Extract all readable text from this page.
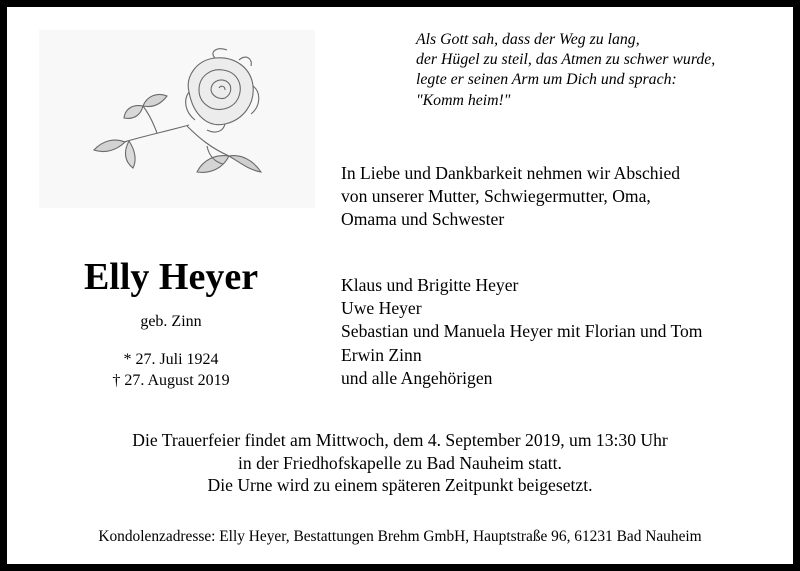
Als Gott sah, dass der Weg zu lang,
der Hügel zu steil, das Atmen zu schwer wurde,
legte er seinen Arm um Dich und sprach:
"Komm heim!"
In Liebe und Dankbarkeit nehmen wir Abschied
von unserer Mutter, Schwiegermutter, Oma,
Omama und Schwester
Elly Heyer
geb. Zinn
* 27. Juli 1924
† 27. August 2019
Klaus und Brigitte Heyer
Uwe Heyer
Sebastian und Manuela Heyer mit Florian und Tom
Erwin Zinn
und alle Angehörigen
Die Trauerfeier findet am Mittwoch, dem 4. September 2019, um 13:30 Uhr
in der Friedhofskapelle zu Bad Nauheim statt.
Die Urne wird zu einem späteren Zeitpunkt beigesetzt.
Kondolenzadresse: Elly Heyer, Bestattungen Brehm GmbH, Hauptstraße 96, 61231 Bad Nauheim
